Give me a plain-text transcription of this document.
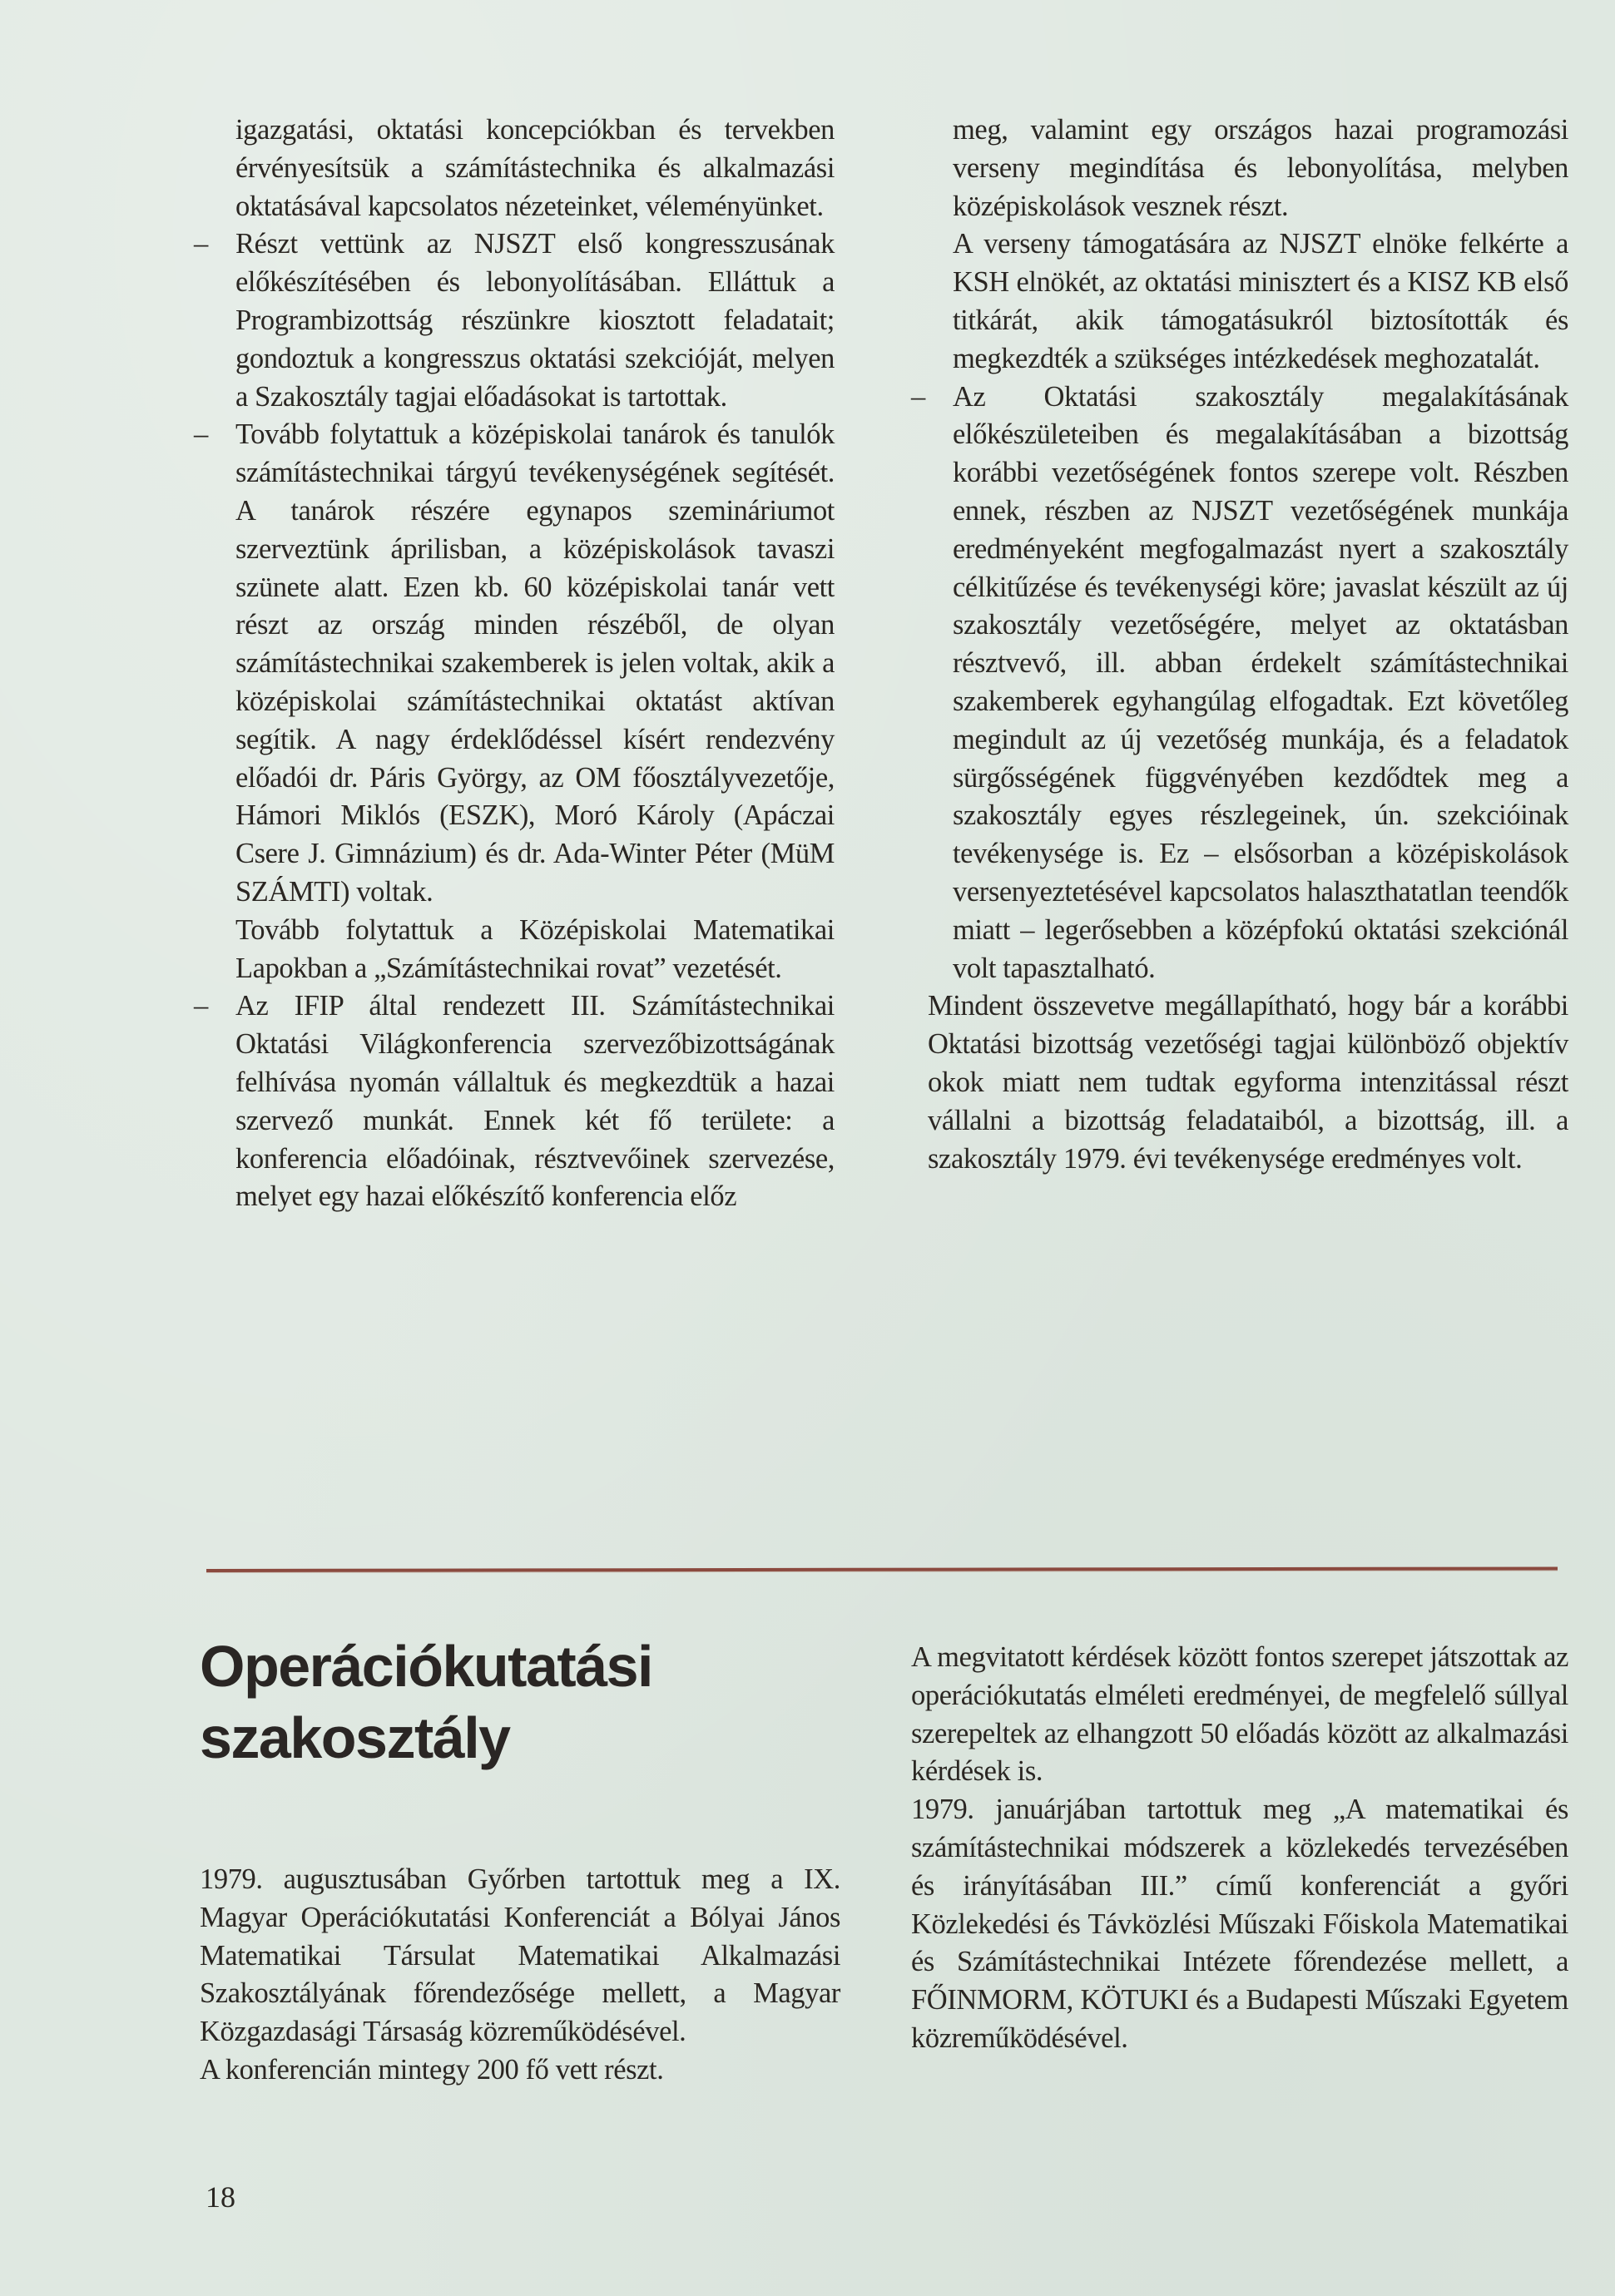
igazgatási, oktatási koncepciókban és tervekben érvényesítsük a számítástechnika és alkalmazási oktatásával kapcsolatos nézeteinket, véleményünket.

– Részt vettünk az NJSZT első kongresszusának előkészítésében és lebonyolításában. Elláttuk a Programbizottság részünkre kiosztott feladatait; gondoztuk a kongresszus oktatási szekcióját, melyen a Szakosztály tagjai előadásokat is tartottak.

– Tovább folytattuk a középiskolai tanárok és tanulók számítástechnikai tárgyú tevékenységének segítését. A tanárok részére egynapos szemináriumot szerveztünk áprilisban, a középiskolások tavaszi szünete alatt. Ezen kb. 60 középiskolai tanár vett részt az ország minden részéből, de olyan számítástechnikai szakemberek is jelen voltak, akik a középiskolai számítástechnikai oktatást aktívan segítik. A nagy érdeklődéssel kísért rendezvény előadói dr. Páris György, az OM főosztályvezetője, Hámori Miklós (ESZK), Moró Károly (Apáczai Csere J. Gimnázium) és dr. Ada-Winter Péter (MüM SZÁMTI) voltak.

Tovább folytattuk a Középiskolai Matematikai Lapokban a „Számítástechnikai rovat” vezetését.

– Az IFIP által rendezett III. Számítástechnikai Oktatási Világkonferencia szervezőbizottságának felhívása nyomán vállaltuk és megkezdtük a hazai szervező munkát. Ennek két fő területe: a konferencia előadóinak, résztvevőinek szervezése, melyet egy hazai előkészítő konferencia előz

meg, valamint egy országos hazai programozási verseny megindítása és lebonyolítása, melyben középiskolások vesznek részt.

A verseny támogatására az NJSZT elnöke felkérte a KSH elnökét, az oktatási minisztert és a KISZ KB első titkárát, akik támogatásukról biztosították és megkezdték a szükséges intézkedések meghozatalát.

– Az Oktatási szakosztály megalakításának előkészületeiben és megalakításában a bizottság korábbi vezetőségének fontos szerepe volt. Részben ennek, részben az NJSZT vezetőségének munkája eredményeként megfogalmazást nyert a szakosztály célkitűzése és tevékenységi köre; javaslat készült az új szakosztály vezetőségére, melyet az oktatásban résztvevő, ill. abban érdekelt számítástechnikai szakemberek egyhangúlag elfogadtak. Ezt követőleg megindult az új vezetőség munkája, és a feladatok sürgősségének függvényében kezdődtek meg a szakosztály egyes részlegeinek, ún. szekcióinak tevékenysége is. Ez – elsősorban a középiskolások versenyeztetésével kapcsolatos halaszthatatlan teendők miatt – legerősebben a középfokú oktatási szekciónál volt tapasztalható.

Mindent összevetve megállapítható, hogy bár a korábbi Oktatási bizottság vezetőségi tagjai különböző objektív okok miatt nem tudtak egyforma intenzitással részt vállalni a bizottság feladataiból, a bizottság, ill. a szakosztály 1979. évi tevékenysége eredményes volt.

Operációkutatási
szakosztály

1979. augusztusában Győrben tartottuk meg a IX. Magyar Operációkutatási Konferenciát a Bólyai János Matematikai Társulat Matematikai Alkalmazási Szakosztályának főrendezősége mellett, a Magyar Közgazdasági Társaság közreműködésével.

A konferencián mintegy 200 fő vett részt.

A megvitatott kérdések között fontos szerepet játszottak az operációkutatás elméleti eredményei, de megfelelő súllyal szerepeltek az elhangzott 50 előadás között az alkalmazási kérdések is.

1979. januárjában tartottuk meg „A matematikai és számítástechnikai módszerek a közlekedés tervezésében és irányításában III.” című konferenciát a győri Közlekedési és Távközlési Műszaki Főiskola Matematikai és Számítástechnikai Intézete főrendezése mellett, a FŐINMORM, KÖTUKI és a Budapesti Műszaki Egyetem közreműködésével.

18
